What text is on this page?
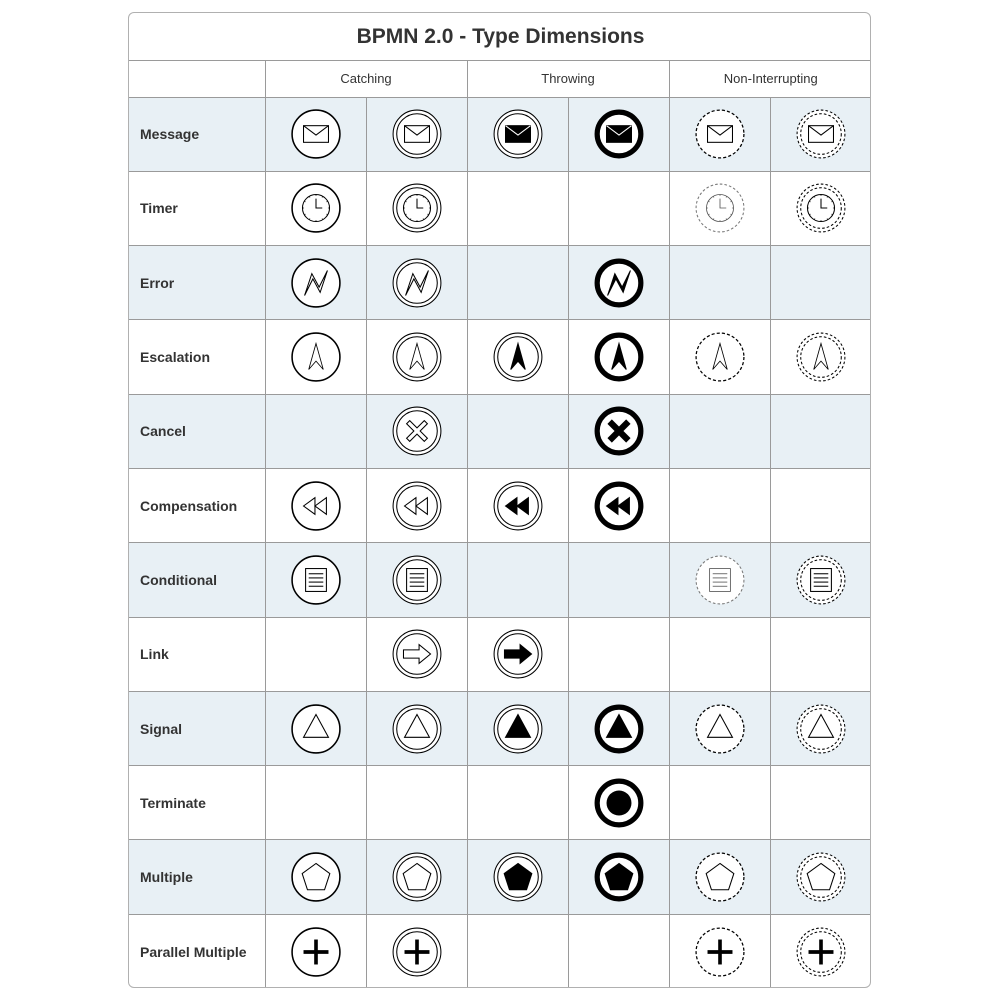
BPMN 2.0 - Type Dimensions
	Catching		Throwing		Non-Interrupting	
Message	

Timer	

Error	

Escalation	

Cancel		

Compensation	

Conditional	

Link		

Signal	

Terminate				

Multiple	

Parallel Multiple	
